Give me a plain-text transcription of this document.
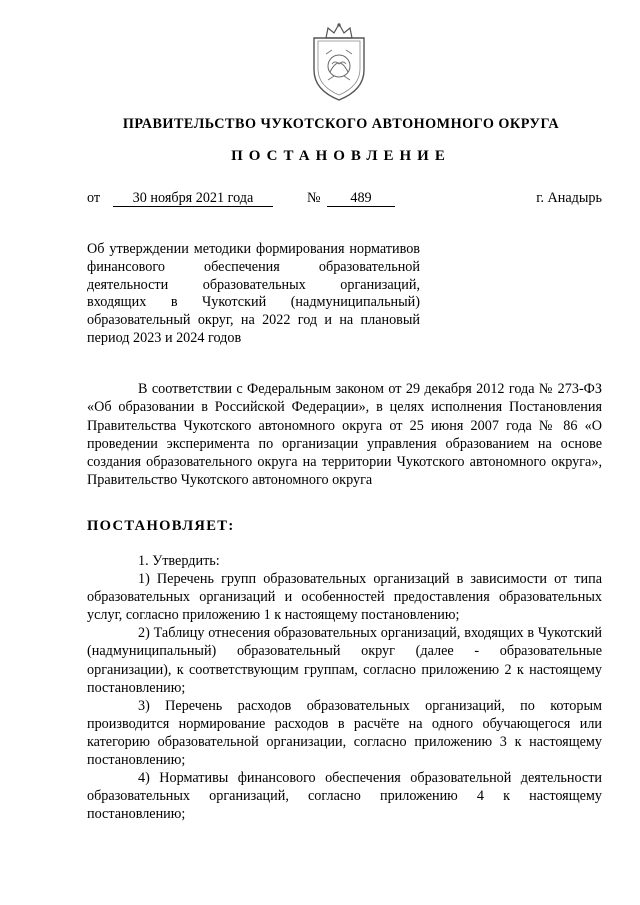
ПРАВИТЕЛЬСТВО ЧУКОТСКОГО АВТОНОМНОГО ОКРУГА
ПОСТАНОВЛЕНИЕ
от	30 ноября 2021 года	№	489	г. Анадырь
Об утверждении методики формирования нормативов финансового обеспечения образовательной деятельности образовательных организаций, входящих в Чукотский (надмуниципальный) образовательный округ, на 2022 год и на плановый период 2023 и 2024 годов

В соответствии с Федеральным законом от 29 декабря 2012 года № 273-ФЗ «Об образовании в Российской Федерации», в целях исполнения Постановления Правительства Чукотского автономного округа от 25 июня 2007 года № 86 «О проведении эксперимента по организации управления образованием на основе создания образовательного округа на территории Чукотского автономного округа», Правительство Чукотского автономного округа

ПОСТАНОВЛЯЕТ:

1. Утвердить:

1) Перечень групп образовательных организаций в зависимости от типа образовательных организаций и особенностей предоставления образовательных услуг, согласно приложению 1 к настоящему постановлению;

2) Таблицу отнесения образовательных организаций, входящих в Чукотский (надмуниципальный) образовательный округ (далее - образовательные организации), к соответствующим группам, согласно приложению 2 к настоящему постановлению;

3) Перечень расходов образовательных организаций, по которым производится нормирование расходов в расчёте на одного обучающегося или категорию образовательной организации, согласно приложению 3 к настоящему постановлению;

4) Нормативы финансового обеспечения образовательной деятельности образовательных организаций, согласно приложению 4 к настоящему постановлению;
